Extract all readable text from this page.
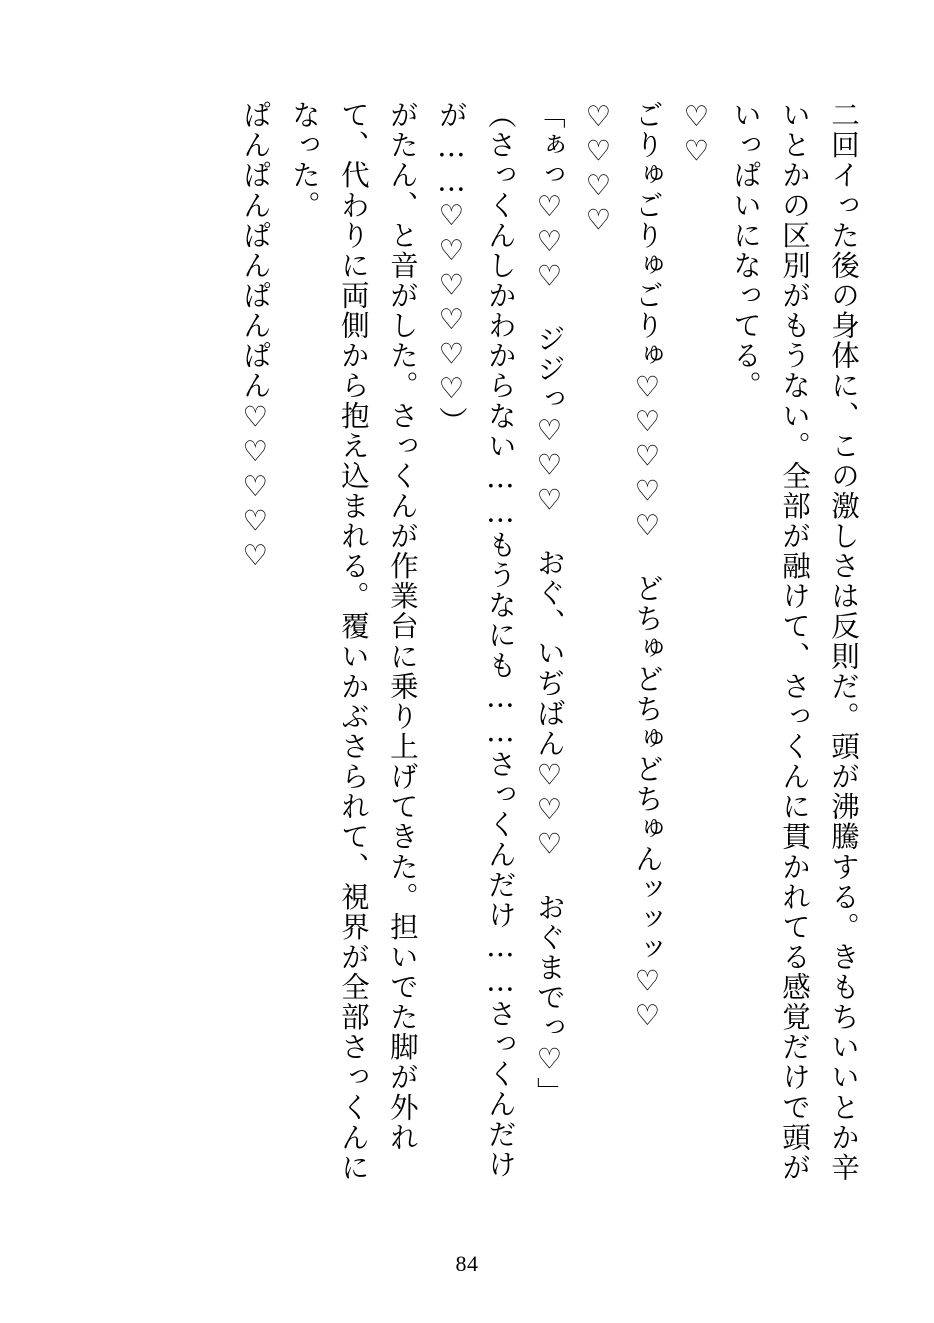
二回イった後の身体に、この激しさは反則だ。頭が沸騰する。きもちいいとか辛いとかの区別がもうない。全部が融けて、さっくんに貫かれてる感覚だけで頭がいっぱいになってる。

♡♡

ごりゅごりゅごりゅ♡♡♡♡♡　どちゅどちゅどちゅんッッッ♡♡

♡♡♡♡

「ぁっ♡♡♡　ジジっ♡♡♡　おぐ、いぢばん♡♡♡　おぐまでっ♡」

（さっくんしかわからない……もうなにも……さっくんだけ……さっくんだけが……♡♡♡♡♡♡）

がたん、と音がした。さっくんが作業台に乗り上げてきた。担いでた脚が外れて、代わりに両側から抱え込まれる。覆いかぶさられて、視界が全部さっくんになった。

ぱんぱんぱんぱんぱん♡♡♡♡♡

84
